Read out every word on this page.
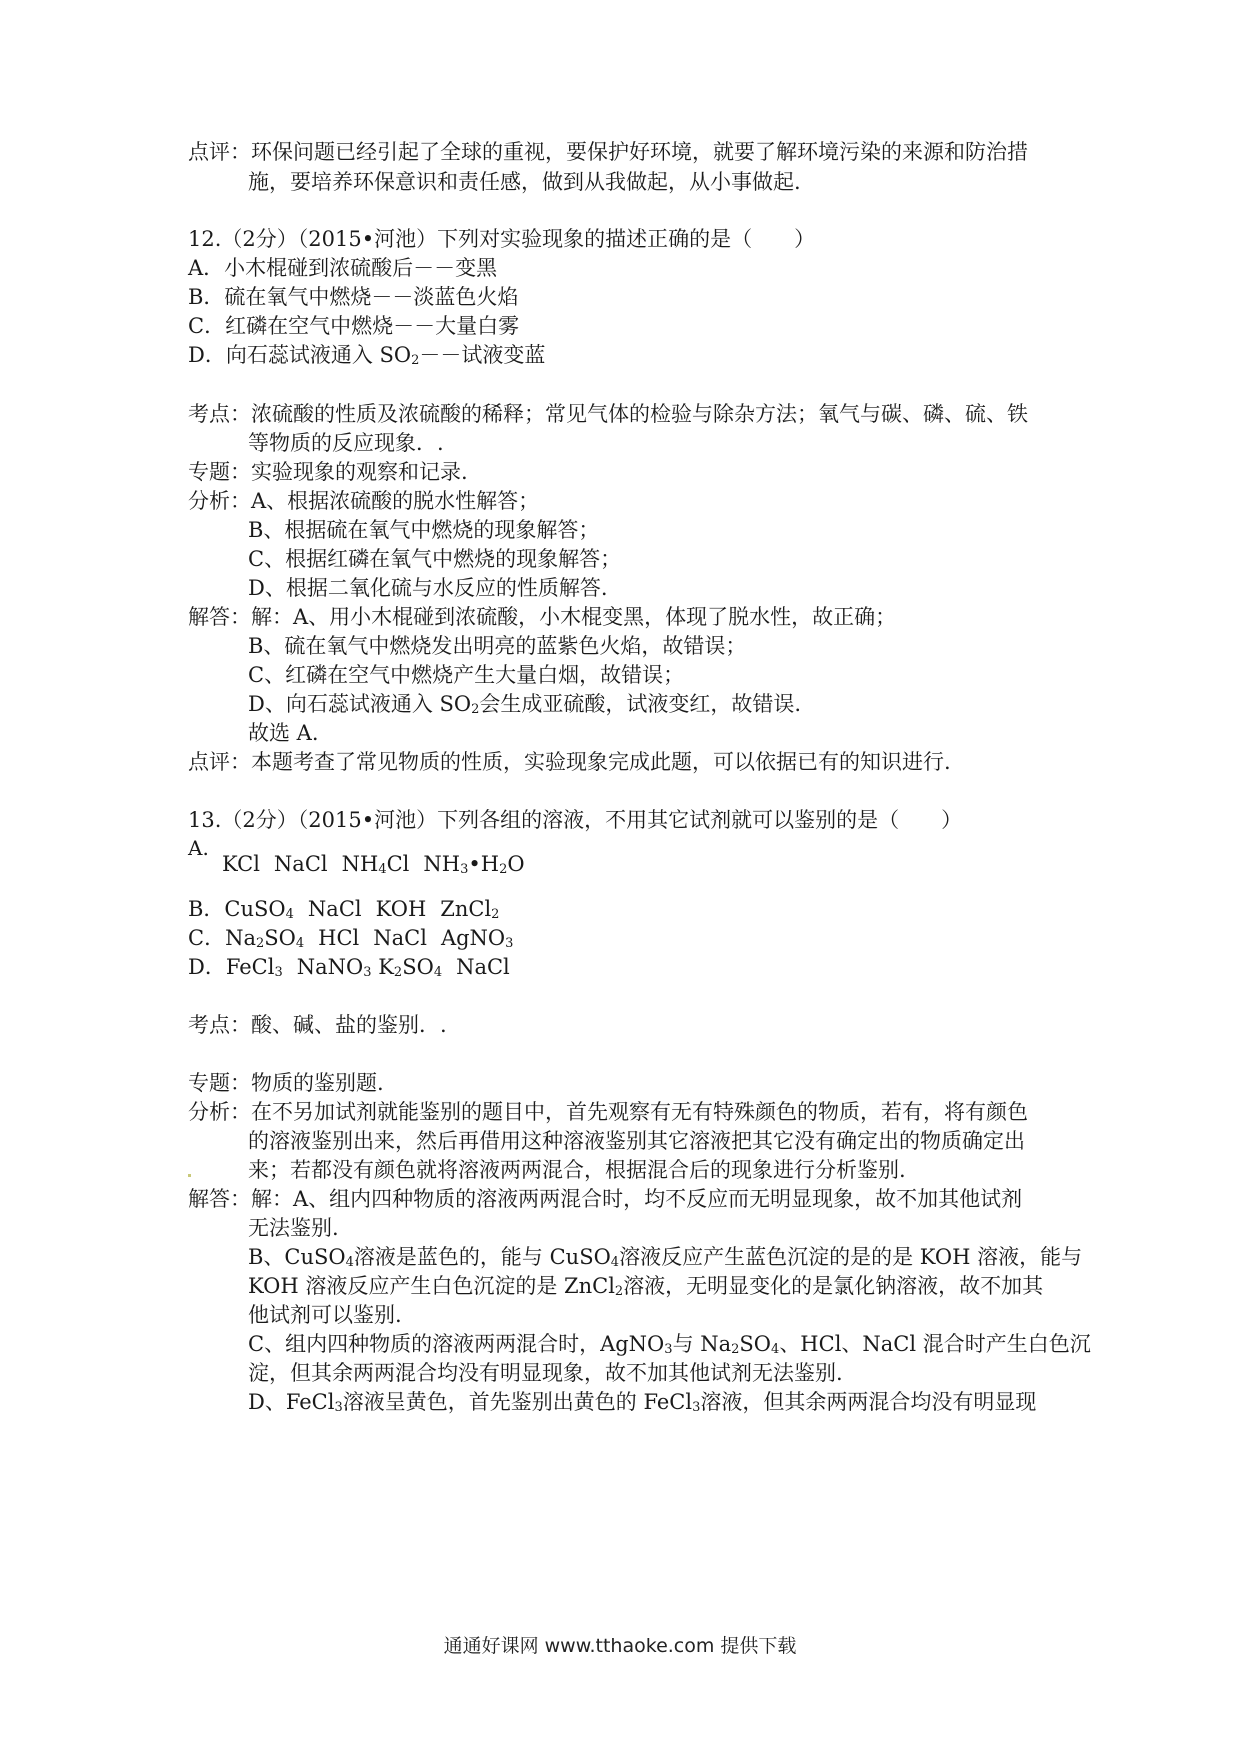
点评：环保问题已经引起了全球的重视，要保护好环境，就要了解环境污染的来源和防治措
施，要培养环保意识和责任感，做到从我做起，从小事做起.
12.（2分）（2015•河池）下列对实验现象的描述正确的是（　　）
A．小木棍碰到浓硫酸后－－变黑
B．硫在氧气中燃烧－－淡蓝色火焰
C．红磷在空气中燃烧－－大量白雾
D．向石蕊试液通入 $SO_2--$试液变蓝
考点：浓硫酸的性质及浓硫酸的稀释；常见气体的检验与除杂方法；氧气与碳、磷、硫、铁
等物质的反应现象．.
专题：实验现象的观察和记录.
分析：A、根据浓硫酸的脱水性解答；
B、根据硫在氧气中燃烧的现象解答；
C、根据红磷在氧气中燃烧的现象解答；
D、根据二氧化硫与水反应的性质解答.
解答：解：A、用小木棍碰到浓硫酸，小木棍变黑，体现了脱水性，故正确；
B、硫在氧气中燃烧发出明亮的蓝紫色火焰，故错误；
C、红磷在空气中燃烧产生大量白烟，故错误；
D、向石蕊试液通入 $SO_2$会生成亚硫酸，试液变红，故错误.
故选 A.
点评：本题考查了常见物质的性质，实验现象完成此题，可以依据已有的知识进行.
13.（2分）（2015•河池）下列各组的溶液，不用其它试剂就可以鉴别的是（　　）
A.
KCl NaCl $NH_4Cl$ $NH_3•H_2O$
B．CuSO$_4$ NaCl KOH ZnCl$_2$
C．$Na_2SO_4$ HCl NaCl AgNO$_3$
D．FeCl$_3$ NaNO$_3$ $K_2SO_4$ NaCl
考点：酸、碱、盐的鉴别．.
专题：物质的鉴别题.
分析：在不另加试剂就能鉴别的题目中，首先观察有无有特殊颜色的物质，若有，将有颜色
的溶液鉴别出来，然后再借用这种溶液鉴别其它溶液把其它没有确定出的物质确定出
来；若都没有颜色就将溶液两两混合，根据混合后的现象进行分析鉴别.
解答：解：A、组内四种物质的溶液两两混合时，均不反应而无明显现象，故不加其他试剂
无法鉴别.
B、CuSO$_4$溶液是蓝色的，能与 CuSO$_4$溶液反应产生蓝色沉淀的是的是 KOH 溶液，能与
KOH 溶液反应产生白色沉淀的是 ZnCl$_2$溶液，无明显变化的是氯化钠溶液，故不加其
他试剂可以鉴别.
C、组内四种物质的溶液两两混合时，AgNO$_3$与 $Na_2SO_4$、HCl、NaCl 混合时产生白色沉
淀，但其余两两混合均没有明显现象，故不加其他试剂无法鉴别.
D、FeCl$_3$溶液呈黄色，首先鉴别出黄色的 FeCl$_3$溶液，但其余两两混合均没有明显现
通通好课网 www.tthaoke.com 提供下载
